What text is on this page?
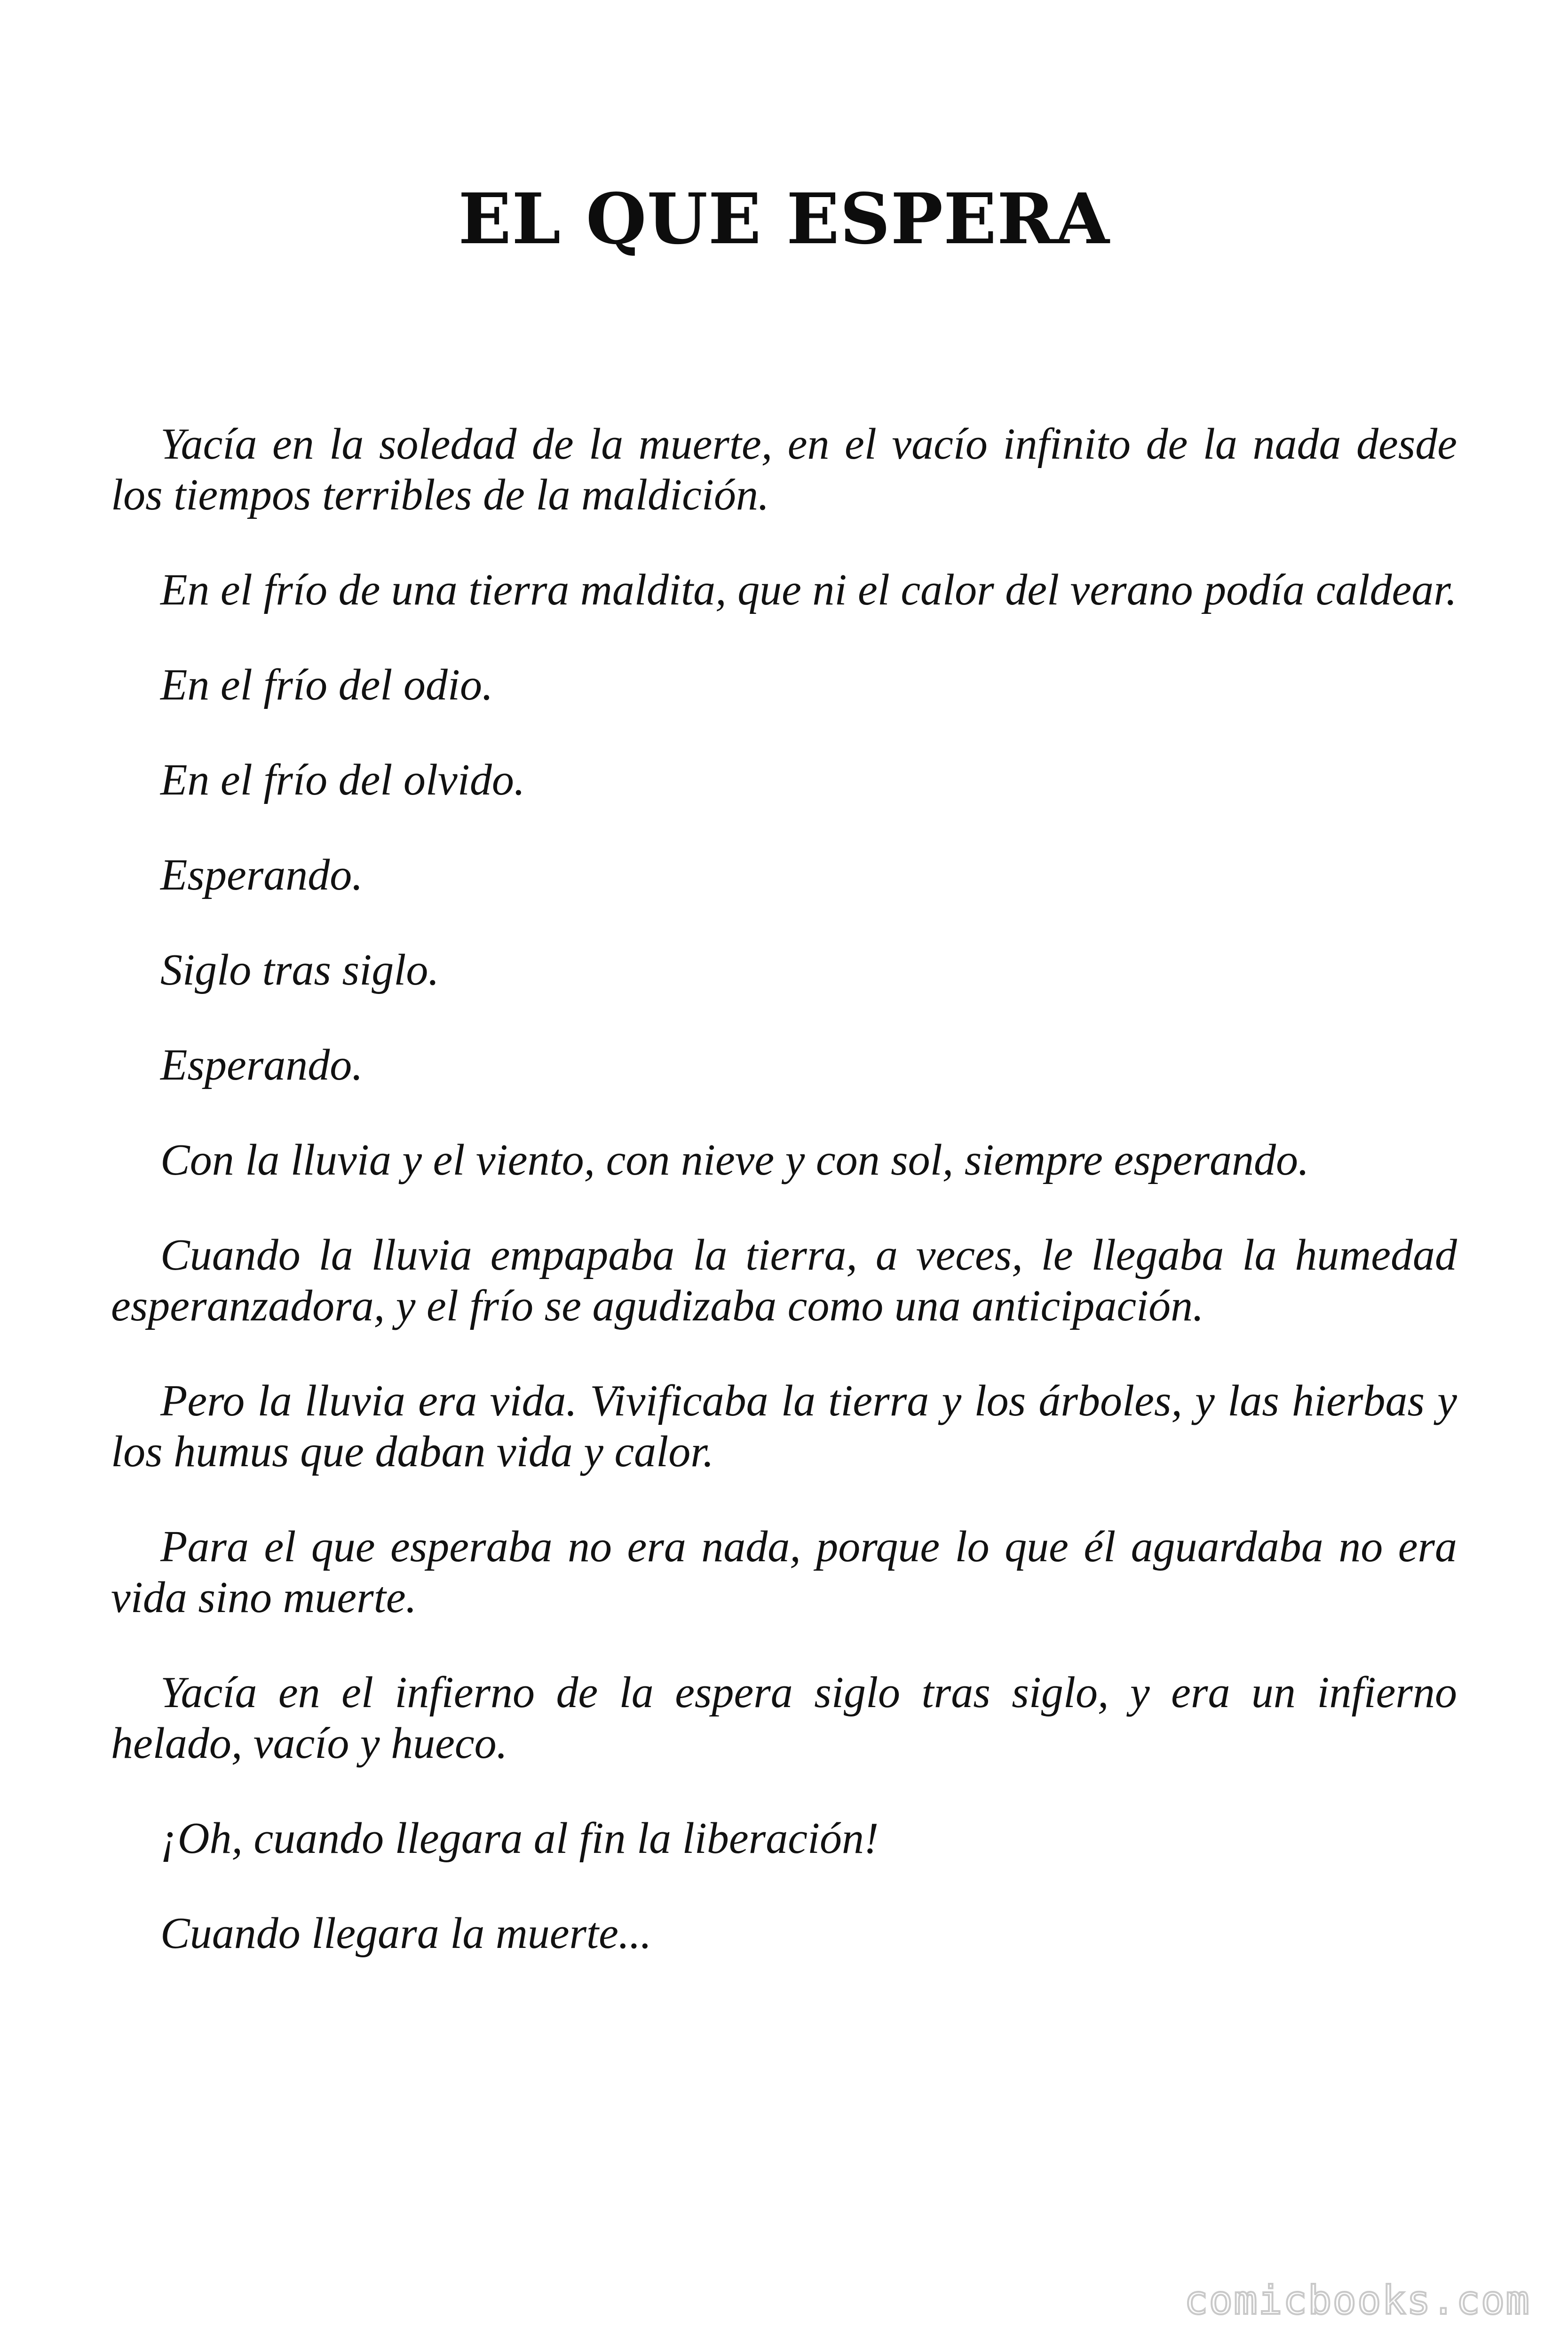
EL QUE ESPERA

Yacía en la soledad de la muerte, en el vacío infinito de la nada desde los tiempos terribles de la maldición.

En el frío de una tierra maldita, que ni el calor del verano podía caldear.

En el frío del odio.

En el frío del olvido.

Esperando.

Siglo tras siglo.

Esperando.

Con la lluvia y el viento, con nieve y con sol, siempre esperando.

Cuando la lluvia empapaba la tierra, a veces, le llegaba la humedad esperanzadora, y el frío se agudizaba como una anticipación.

Pero la lluvia era vida. Vivificaba la tierra y los árboles, y las hierbas y los humus que daban vida y calor.

Para el que esperaba no era nada, porque lo que él aguardaba no era vida sino muerte.

Yacía en el infierno de la espera siglo tras siglo, y era un infierno helado, vacío y hueco.

¡Oh, cuando llegara al fin la liberación!

Cuando llegara la muerte...

comicbooks.com
